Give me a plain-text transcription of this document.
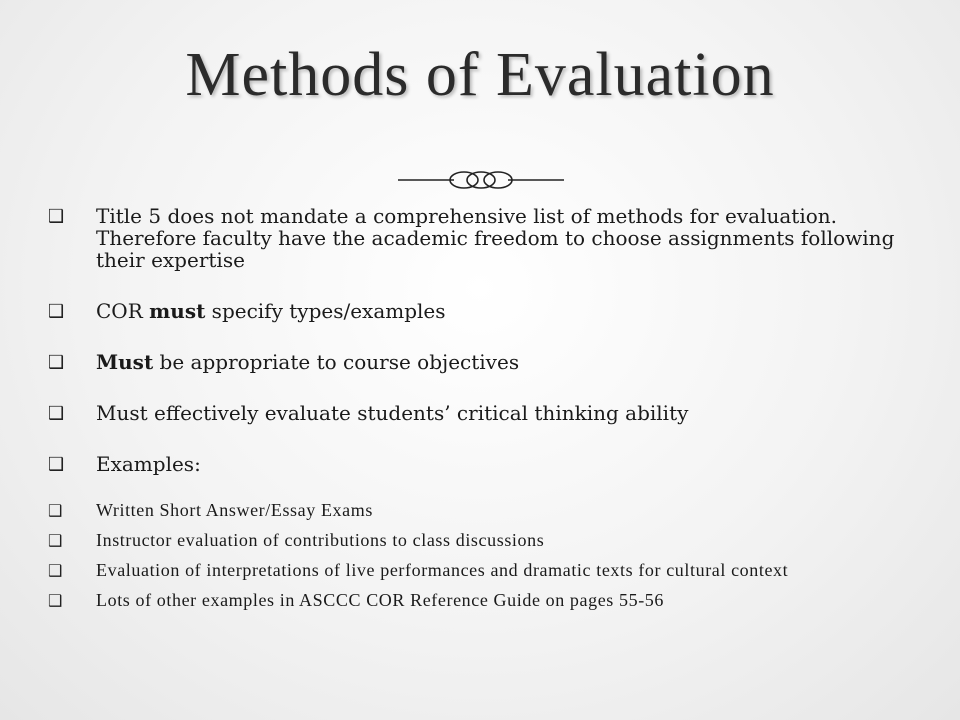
Methods of Evaluation
❑ Title 5 does not mandate a comprehensive list of methods for evaluation. Therefore faculty have the academic freedom to choose assignments following their expertise
❑ COR must specify types/examples
❑ Must be appropriate to course objectives
❑ Must effectively evaluate students’ critical thinking ability
❑ Examples:
❑ Written Short Answer/Essay Exams
❑ Instructor evaluation of contributions to class discussions
❑ Evaluation of interpretations of live performances and dramatic texts for cultural context
❑ Lots of other examples in ASCCC COR Reference Guide on pages 55-56
